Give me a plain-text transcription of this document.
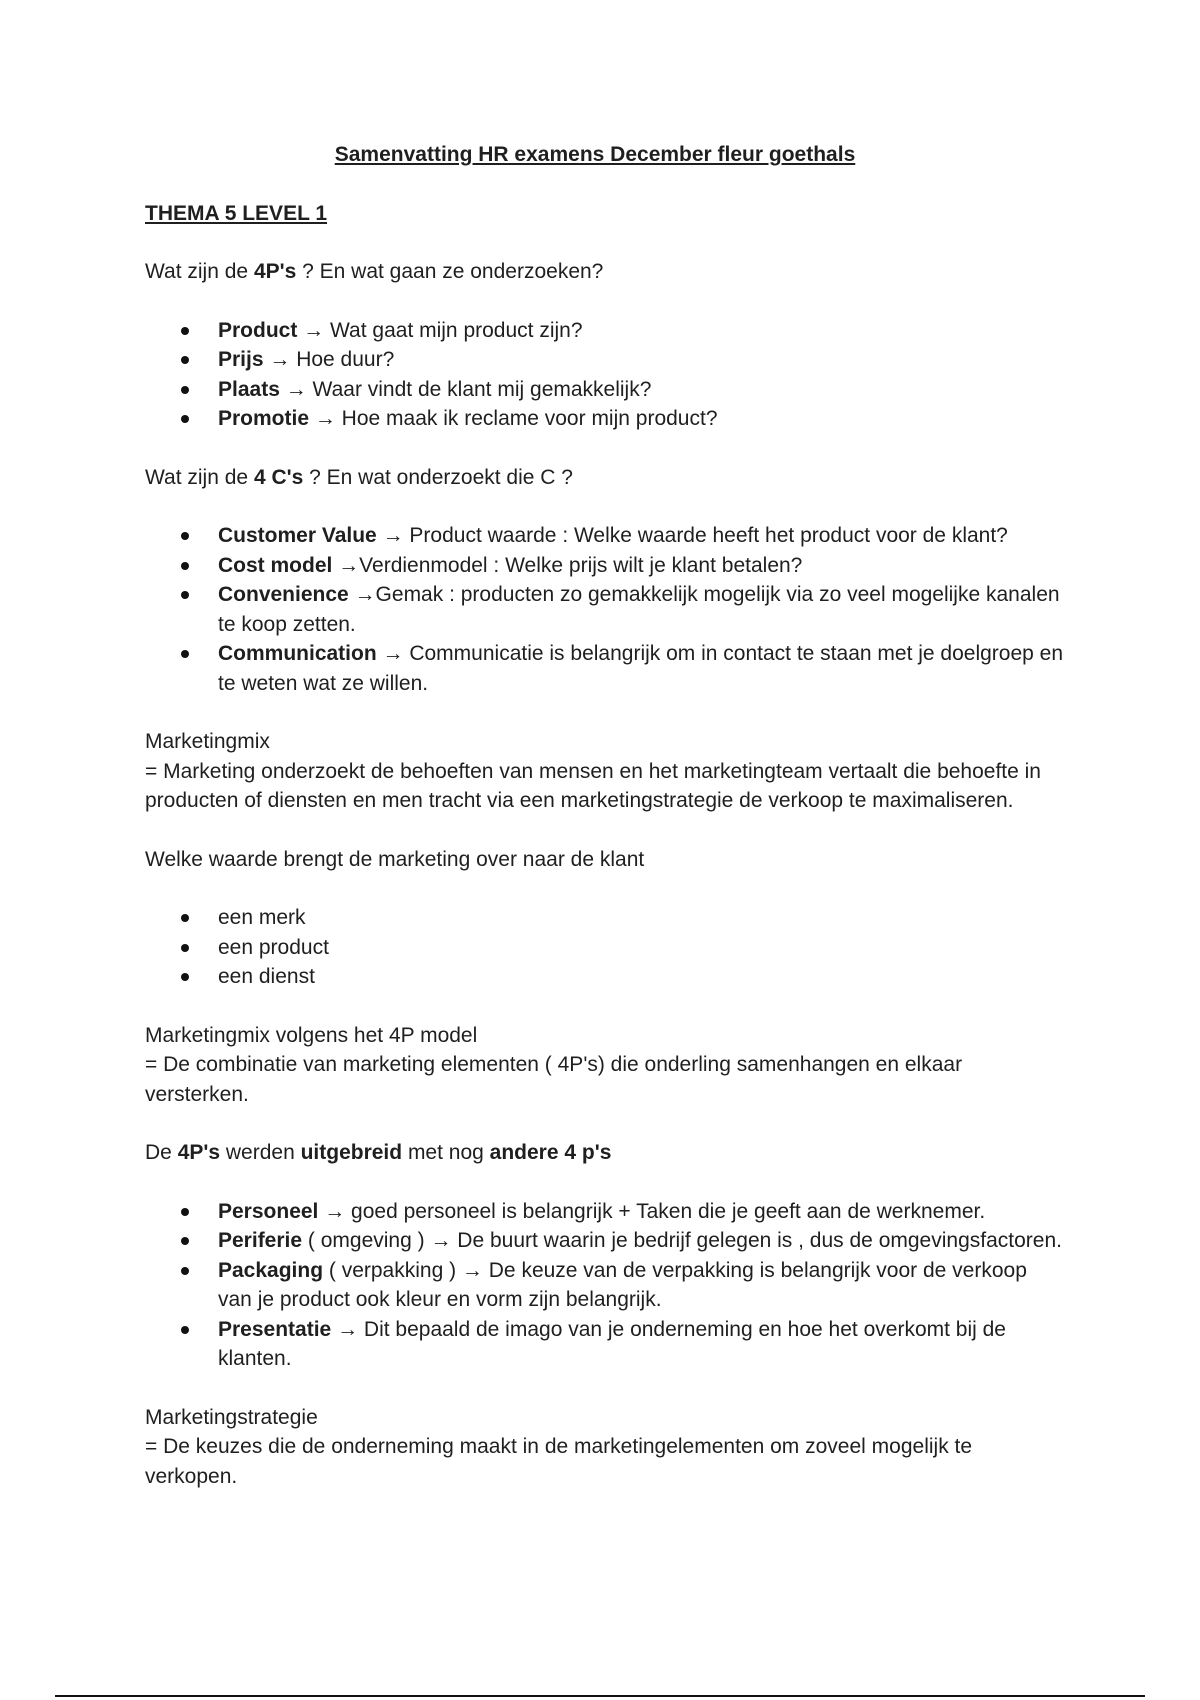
Samenvatting HR examens December fleur goethals

THEMA 5 LEVEL 1

Wat zijn de 4P's ? En wat gaan ze onderzoeken?

Product → Wat gaat mijn product zijn?
Prijs → Hoe duur?
Plaats → Waar vindt de klant mij gemakkelijk?
Promotie → Hoe maak ik reclame voor mijn product?

Wat zijn de 4 C's ? En wat onderzoekt die C ?

Customer Value → Product waarde : Welke waarde heeft het product voor de klant?
Cost model →Verdienmodel : Welke prijs wilt je klant betalen?
Convenience →Gemak : producten zo gemakkelijk mogelijk via zo veel mogelijke kanalen te koop zetten.
Communication → Communicatie is belangrijk om in contact te staan met je doelgroep en te weten wat ze willen.

Marketingmix

= Marketing onderzoekt de behoeften van mensen en het marketingteam vertaalt die behoefte in producten of diensten en men tracht via een marketingstrategie de verkoop te maximaliseren.

Welke waarde brengt de marketing over naar de klant

een merk
een product
een dienst

Marketingmix volgens het 4P model

= De combinatie van marketing elementen ( 4P's) die onderling samenhangen en elkaar versterken.

De 4P's werden uitgebreid met nog andere 4 p's

Personeel → goed personeel is belangrijk + Taken die je geeft aan de werknemer.
Periferie ( omgeving ) → De buurt waarin je bedrijf gelegen is , dus de omgevingsfactoren.
Packaging ( verpakking ) → De keuze van de verpakking is belangrijk voor de verkoop van je product ook kleur en vorm zijn belangrijk.
Presentatie → Dit bepaald de imago van je onderneming en hoe het overkomt bij de klanten.

Marketingstrategie

= De keuzes die de onderneming maakt in de marketingelementen om zoveel mogelijk te verkopen.
